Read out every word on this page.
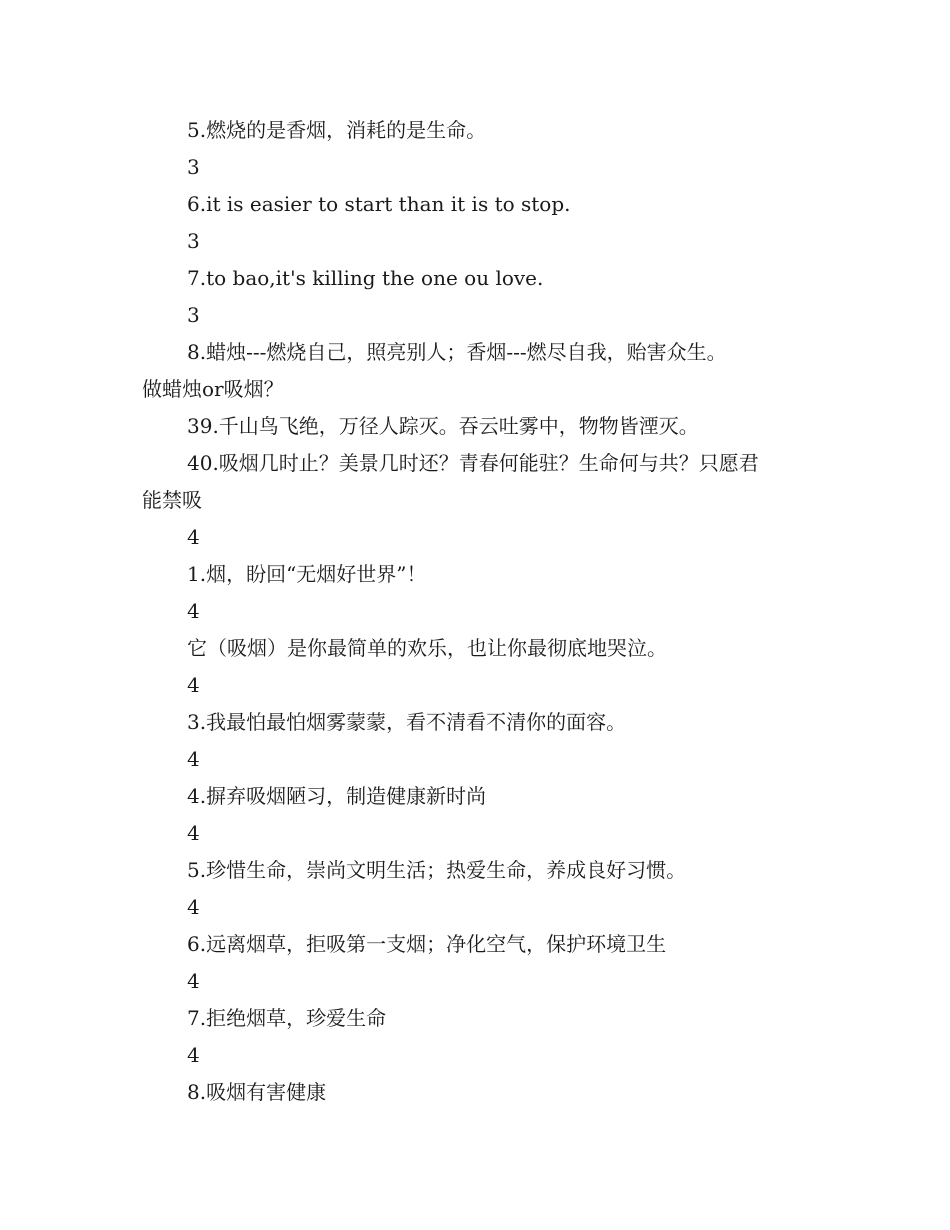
5.燃烧的是香烟，消耗的是生命。
3
6.it is easier to start than it is to stop.
3
7.to bao,it's killing the one ou love.
3
8.蜡烛---燃烧自己，照亮别人；香烟---燃尽自我，贻害众生。
做蜡烛or吸烟？
39.千山鸟飞绝，万径人踪灭。吞云吐雾中，物物皆湮灭。
40.吸烟几时止？美景几时还？青春何能驻？生命何与共？只愿君
能禁吸
4
1.烟，盼回“无烟好世界”！
4
它（吸烟）是你最简单的欢乐，也让你最彻底地哭泣。
4
3.我最怕最怕烟雾蒙蒙，看不清看不清你的面容。
4
4.摒弃吸烟陋习，制造健康新时尚
4
5.珍惜生命，崇尚文明生活；热爱生命，养成良好习惯。
4
6.远离烟草，拒吸第一支烟；净化空气，保护环境卫生
4
7.拒绝烟草，珍爱生命
4
8.吸烟有害健康
